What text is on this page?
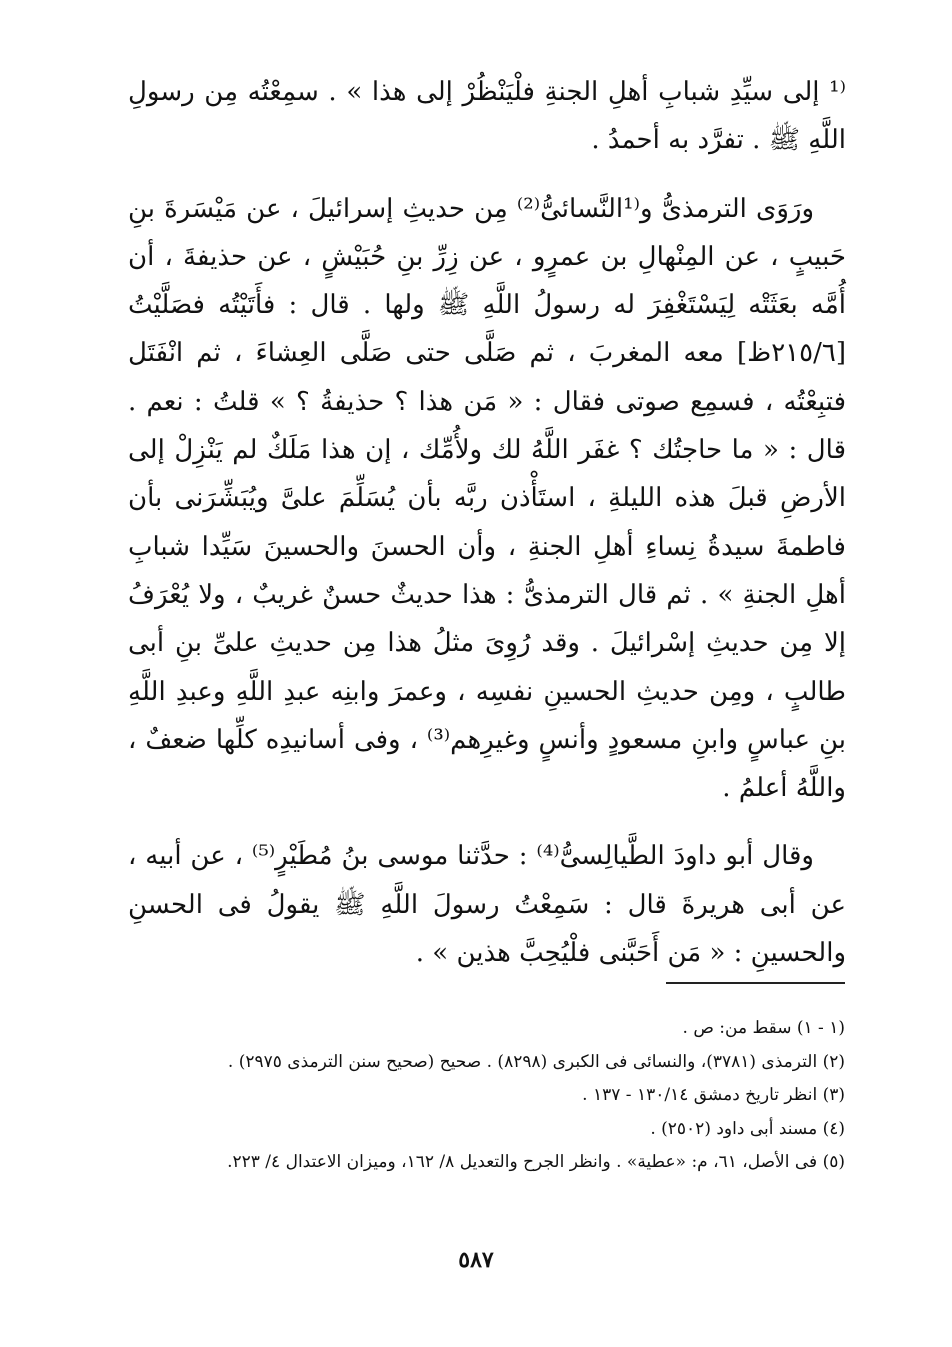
⁽¹ إلى سيِّدِ شبابِ أهلِ الجنةِ فلْيَنْظُرْ إلى هذا » . سمِعْتُه مِن رسولِ اللَّهِ ﷺ . تفرَّد به أحمدُ .

ورَوَى الترمذىُّ و⁽¹النَّسائىُّ⁽²⁾ مِن حديثِ إسرائيلَ ، عن مَيْسَرةَ بنِ حَبيبٍ ، عن المِنْهالِ بن عمرٍو ، عن زِرِّ بنِ حُبَيْشٍ ، عن حذيفةَ ، أن أُمَّه بعَثَتْه لِيَسْتَغْفِرَ له رسولُ اللَّهِ ﷺ ولها . قال : فأَتَيْتُه فصَلَّيْتُ [٢١٥/٦ظ] معه المغربَ ، ثم صَلَّى حتى صَلَّى العِشاءَ ، ثم انْفَتَل فتبِعْتُه ، فسمِع صوتى فقال : « مَن هذا ؟ حذيفةُ ؟ » قلتُ : نعم . قال : « ما حاجتُك ؟ غفَر اللَّهُ لك ولأُمِّك ، إن هذا مَلَكٌ لم يَنْزِلْ إلى الأرضِ قبلَ هذه الليلةِ ، استَأْذن ربَّه بأن يُسَلِّمَ علىَّ ويُبَشِّرَنى بأن فاطمةَ سيدةُ نِساءِ أهلِ الجنةِ ، وأن الحسنَ والحسينَ سَيِّدا شبابِ أهلِ الجنةِ » . ثم قال الترمذىُّ : هذا حديثٌ حسنٌ غريبٌ ، ولا يُعْرَفُ إلا مِن حديثِ إسْرائيلَ . وقد رُوِىَ مثلُ هذا مِن حديثِ علىِّ بنِ أبى طالبٍ ، ومِن حديثِ الحسينِ نفسِه ، وعمرَ وابنِه عبدِ اللَّهِ وعبدِ اللَّهِ بنِ عباسٍ وابنِ مسعودٍ وأنسٍ وغيرِهم⁽³⁾ ، وفى أسانيدِه كلِّها ضعفٌ ، واللَّهُ أعلمُ .

وقال أبو داودَ الطَّيالِسىُّ⁽⁴⁾ : حدَّثنا موسى بنُ مُطَيْرٍ⁽⁵⁾ ، عن أبيه ، عن أبى هريرةَ قال : سَمِعْتُ رسولَ اللَّهِ ﷺ يقولُ فى الحسنِ والحسينِ : « مَن أَحَبَّنى فلْيُحِبَّ هذين » .

(١ - ١) سقط من: ص .

(٢) الترمذى (٣٧٨١)، والنسائى فى الكبرى (٨٢٩٨) . صحيح (صحيح سنن الترمذى ٢٩٧٥) .

(٣) انظر تاريخ دمشق ١٣٠/١٤ - ١٣٧ .

(٤) مسند أبى داود (٢٥٠٢) .

(٥) فى الأصل، ٦١، م: «عطية» . وانظر الجرح والتعديل ٨/ ١٦٢، وميزان الاعتدال ٤/ ٢٢٣.

٥٨٧
